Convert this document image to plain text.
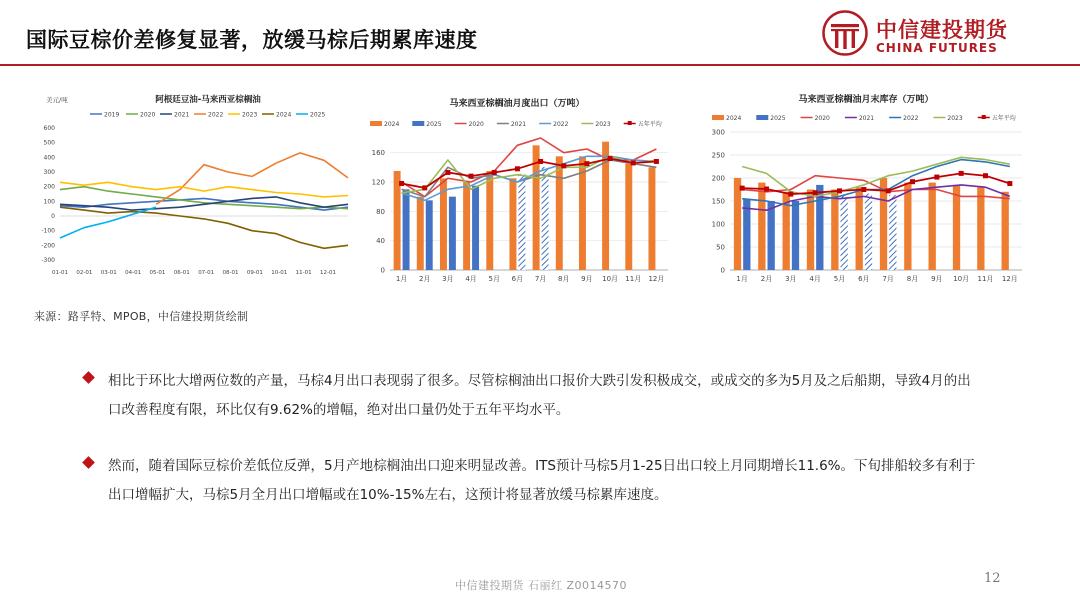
国际豆棕价差修复显著，放缓马棕后期累库速度	中信建投期货
CHINA FUTURES
阿根廷豆油-马来西亚棕榈油
美元/吨
2019	2020	2021	2022	2023	2024	2025
-300
-200
-100
0
100
200
300
400
500
600
01-01 02-01 03-01 04-01 05-01 06-01 07-01 08-01 09-01 10-01 11-01 12-01
马来西亚棕榈油月度出口（万吨）
2024	2025	2020	2021	2022	2023	五年平均
0
40
80
120
160
1月 2月 3月 4月 5月 6月 7月 8月 9月 10月 11月 12月
马来西亚棕榈油月末库存（万吨）
2024	2025	2020	2021	2022	2023	五年平均
0
50
100
150
200
250
300
1月 2月 3月 4月 5月 6月 7月 8月 9月 10月 11月 12月
来源：路孚特、MPOB，中信建投期货绘制
相比于环比大增两位数的产量，马棕4月出口表现弱了很多。尽管棕榈油出口报价大跌引发积极成交，或成交的多为5月及之后船期，导致4月的出口改善程度有限，环比仅有9.62%的增幅，绝对出口量仍处于五年平均水平。
然而，随着国际豆棕价差低位反弹，5月产地棕榈油出口迎来明显改善。ITS预计马棕5月1-25日出口较上月同期增长11.6%。下旬排船较多有利于出口增幅扩大，马棕5月全月出口增幅或在10%-15%左右，这预计将显著放缓马棕累库速度。
中信建投期货 石丽红 Z0014570	12
